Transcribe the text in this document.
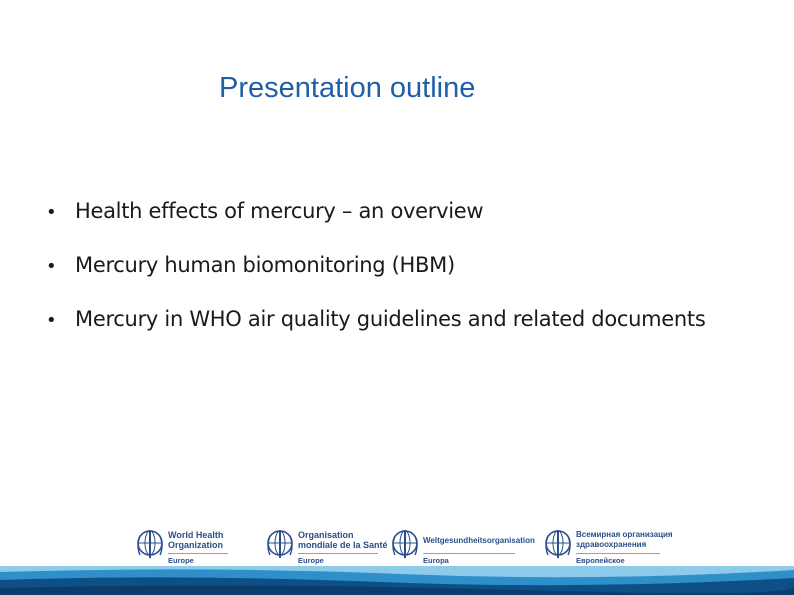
Presentation outline
• Health effects of mercury – an overview
• Mercury human biomonitoring (HBM)
• Mercury in WHO air quality guidelines and related documents
World Health
Organization
Europe
Organisation
mondiale de la Santé
Europe
Weltgesundheitsorganisation
Europa
Всемирная организация
здравоохранения
Европейское
